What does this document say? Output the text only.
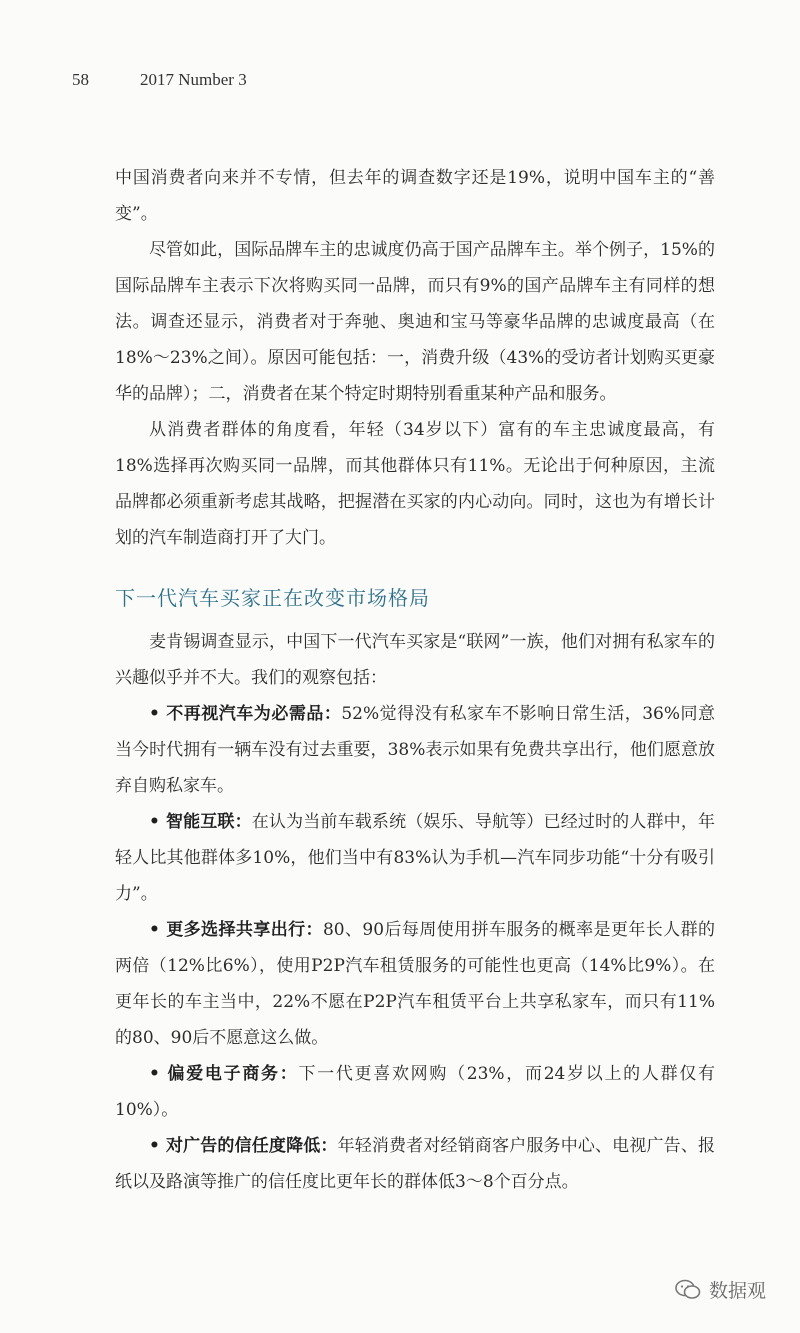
58	2017 Number 3

中国消费者向来并不专情，但去年的调查数字还是19%，说明中国车主的“善变”。

尽管如此，国际品牌车主的忠诚度仍高于国产品牌车主。举个例子，15%的国际品牌车主表示下次将购买同一品牌，而只有9%的国产品牌车主有同样的想法。调查还显示，消费者对于奔驰、奥迪和宝马等豪华品牌的忠诚度最高（在18%～23%之间）。原因可能包括：一，消费升级（43%的受访者计划购买更豪华的品牌）；二，消费者在某个特定时期特别看重某种产品和服务。

从消费者群体的角度看，年轻（34岁以下）富有的车主忠诚度最高，有18%选择再次购买同一品牌，而其他群体只有11%。无论出于何种原因，主流品牌都必须重新考虑其战略，把握潜在买家的内心动向。同时，这也为有增长计划的汽车制造商打开了大门。

下一代汽车买家正在改变市场格局

麦肯锡调查显示，中国下一代汽车买家是“联网”一族，他们对拥有私家车的兴趣似乎并不大。我们的观察包括：

• 不再视汽车为必需品：52%觉得没有私家车不影响日常生活，36%同意当今时代拥有一辆车没有过去重要，38%表示如果有免费共享出行，他们愿意放弃自购私家车。

• 智能互联：在认为当前车载系统（娱乐、导航等）已经过时的人群中，年轻人比其他群体多10%，他们当中有83%认为手机—汽车同步功能“十分有吸引力”。

• 更多选择共享出行：80、90后每周使用拼车服务的概率是更年长人群的两倍（12%比6%），使用P2P汽车租赁服务的可能性也更高（14%比9%）。在更年长的车主当中，22%不愿在P2P汽车租赁平台上共享私家车，而只有11%的80、90后不愿意这么做。

• 偏爱电子商务：下一代更喜欢网购（23%，而24岁以上的人群仅有10%）。

• 对广告的信任度降低：年轻消费者对经销商客户服务中心、电视广告、报纸以及路演等推广的信任度比更年长的群体低3～8个百分点。

数据观
